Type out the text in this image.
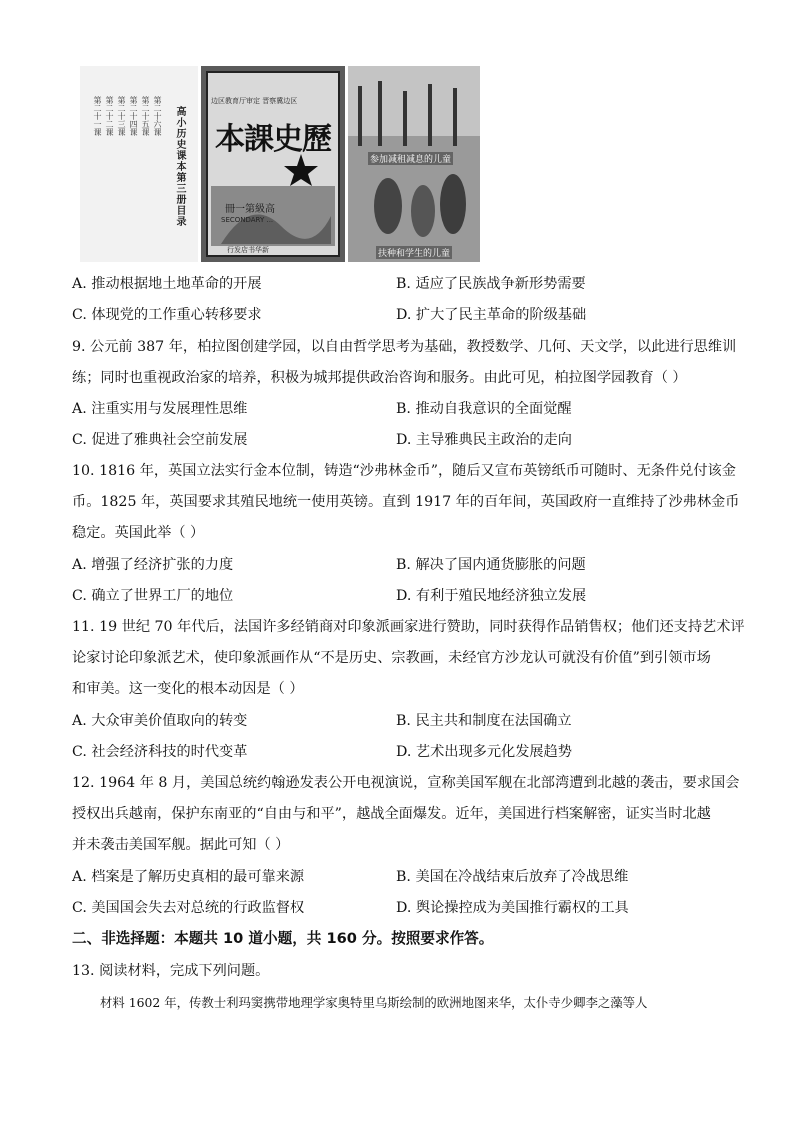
第二十一课 第二十二课 第二十三课 第二十四课 第二十五课 第二十六课 高小历史课本第三册目录
边区教育厅审定 晋察冀边区
本課史歷
冊一第級高
SECONDARY ...
行发店书华新
参加减租减息的儿童
扶种和学生的儿童
A. 推动根据地土地革命的开展	B. 适应了民族战争新形势需要
C. 体现党的工作重心转移要求	D. 扩大了民主革命的阶级基础
9. 公元前 387 年，柏拉图创建学园，以自由哲学思考为基础，教授数学、几何、天文学，以此进行思维训
练；同时也重视政治家的培养，积极为城邦提供政治咨询和服务。由此可见，柏拉图学园教育（ ）
A. 注重实用与发展理性思维	B. 推动自我意识的全面觉醒
C. 促进了雅典社会空前发展	D. 主导雅典民主政治的走向
10. 1816 年，英国立法实行金本位制，铸造“沙弗林金币”，随后又宣布英镑纸币可随时、无条件兑付该金
币。1825 年，英国要求其殖民地统一使用英镑。直到 1917 年的百年间，英国政府一直维持了沙弗林金币
稳定。英国此举（ ）
A. 增强了经济扩张的力度	B. 解决了国内通货膨胀的问题
C. 确立了世界工厂的地位	D. 有利于殖民地经济独立发展
11. 19 世纪 70 年代后，法国许多经销商对印象派画家进行赞助，同时获得作品销售权；他们还支持艺术评
论家讨论印象派艺术，使印象派画作从“不是历史、宗教画，未经官方沙龙认可就没有价值”到引领市场
和审美。这一变化的根本动因是（ ）
A. 大众审美价值取向的转变	B. 民主共和制度在法国确立
C. 社会经济科技的时代变革	D. 艺术出现多元化发展趋势
12. 1964 年 8 月，美国总统约翰逊发表公开电视演说，宣称美国军舰在北部湾遭到北越的袭击，要求国会
授权出兵越南，保护东南亚的“自由与和平”，越战全面爆发。近年，美国进行档案解密，证实当时北越
并未袭击美国军舰。据此可知（ ）
A. 档案是了解历史真相的最可靠来源	B. 美国在冷战结束后放弃了冷战思维
C. 美国国会失去对总统的行政监督权	D. 舆论操控成为美国推行霸权的工具
二、非选择题：本题共 10 道小题，共 160 分。按照要求作答。
13. 阅读材料，完成下列问题。
材料 1602 年，传教士利玛窦携带地理学家奥特里乌斯绘制的欧洲地图来华，太仆寺少卿李之藻等人
